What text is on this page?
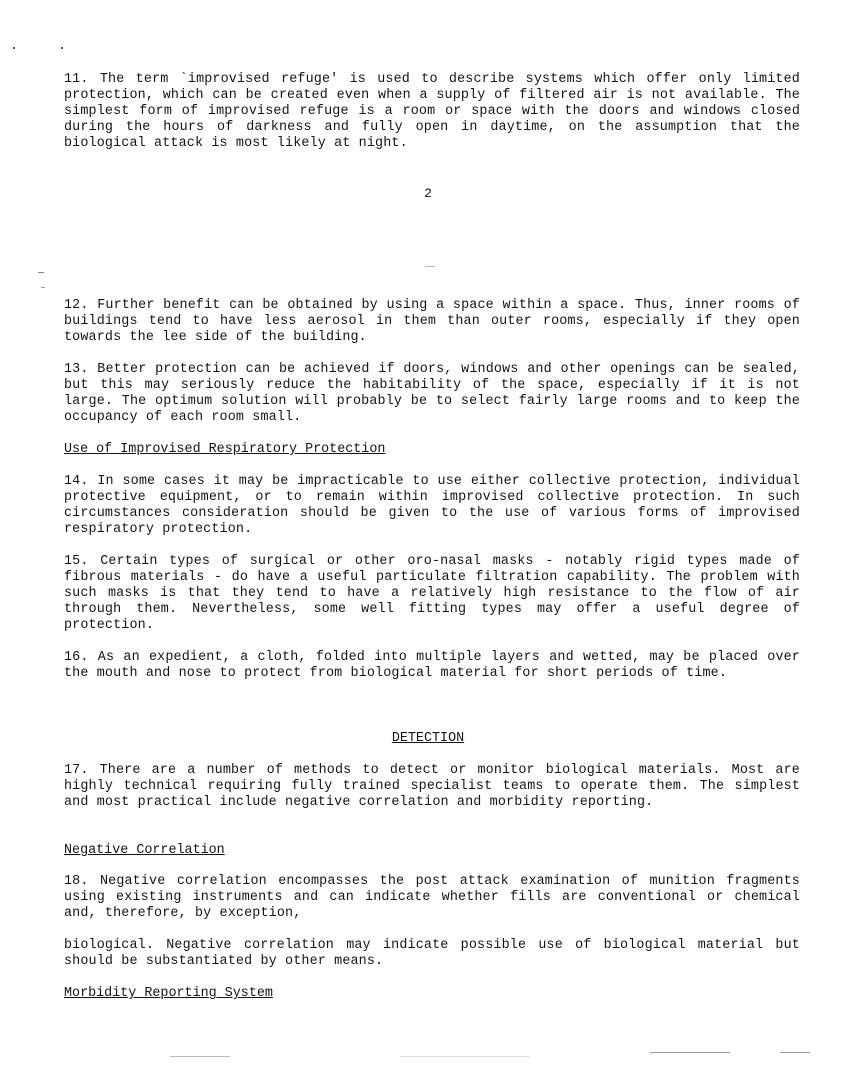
11. The term `improvised refuge' is used to describe systems which offer only limited protection, which can be created even when a supply of filtered air is not available. The simplest form of improvised refuge is a room or space with the doors and windows closed during the hours of darkness and fully open in daytime, on the assumption that the biological attack is most likely at night.

2

12. Further benefit can be obtained by using a space within a space. Thus, inner rooms of buildings tend to have less aerosol in them than outer rooms, especially if they open towards the lee side of the building.

13. Better protection can be achieved if doors, windows and other openings can be sealed, but this may seriously reduce the habitability of the space, especially if it is not large. The optimum solution will probably be to select fairly large rooms and to keep the occupancy of each room small.

Use of Improvised Respiratory Protection

14. In some cases it may be impracticable to use either collective protection, individual protective equipment, or to remain within improvised collective protection. In such circumstances consideration should be given to the use of various forms of improvised respiratory protection.

15. Certain types of surgical or other oro-nasal masks - notably rigid types made of fibrous materials - do have a useful particulate filtration capability. The problem with such masks is that they tend to have a relatively high resistance to the flow of air through them. Nevertheless, some well fitting types may offer a useful degree of protection.

16. As an expedient, a cloth, folded into multiple layers and wetted, may be placed over the mouth and nose to protect from biological material for short periods of time.

DETECTION

17. There are a number of methods to detect or monitor biological materials. Most are highly technical requiring fully trained specialist teams to operate them. The simplest and most practical include negative correlation and morbidity reporting.

Negative Correlation

18. Negative correlation encompasses the post attack examination of munition fragments using existing instruments and can indicate whether fills are conventional or chemical and, therefore, by exception,

biological. Negative correlation may indicate possible use of biological material but should be substantiated by other means.

Morbidity Reporting System
